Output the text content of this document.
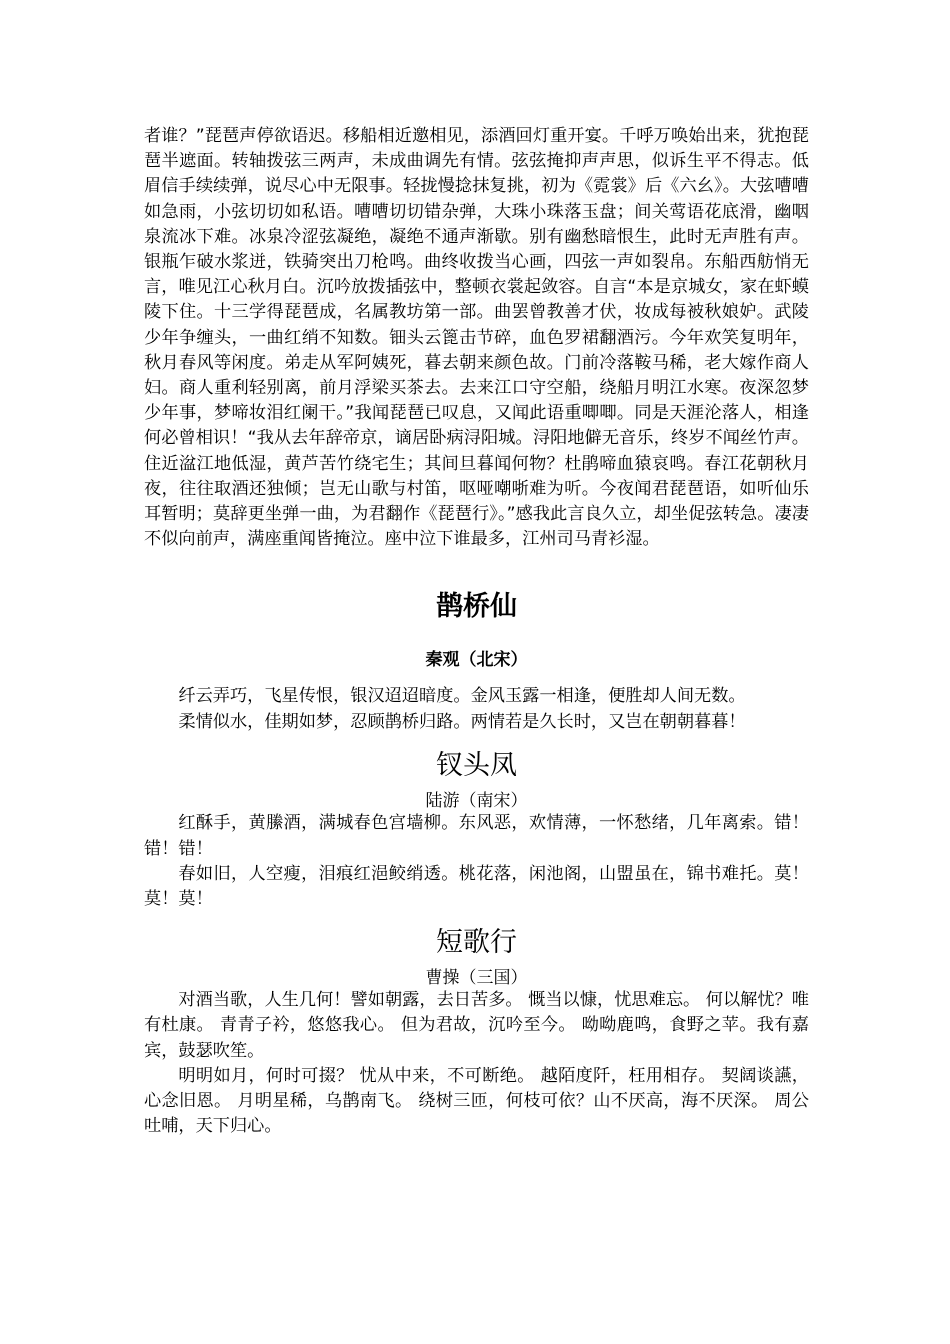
者谁？”琵琶声停欲语迟。移船相近邀相见，添酒回灯重开宴。千呼万唤始出来，犹抱琵琶半遮面。转轴拨弦三两声，未成曲调先有情。弦弦掩抑声声思，似诉生平不得志。低眉信手续续弹，说尽心中无限事。轻拢慢捻抹复挑，初为《霓裳》后《六幺》。大弦嘈嘈如急雨，小弦切切如私语。嘈嘈切切错杂弹，大珠小珠落玉盘；间关莺语花底滑，幽咽泉流冰下难。冰泉冷涩弦凝绝，凝绝不通声渐歇。别有幽愁暗恨生，此时无声胜有声。银瓶乍破水浆迸，铁骑突出刀枪鸣。曲终收拨当心画，四弦一声如裂帛。东船西舫悄无言，唯见江心秋月白。沉吟放拨插弦中，整顿衣裳起敛容。自言“本是京城女，家在虾蟆陵下住。十三学得琵琶成，名属教坊第一部。曲罢曾教善才伏，妆成每被秋娘妒。武陵少年争缠头，一曲红绡不知数。钿头云篦击节碎，血色罗裙翻酒污。今年欢笑复明年，秋月春风等闲度。弟走从军阿姨死，暮去朝来颜色故。门前冷落鞍马稀，老大嫁作商人妇。商人重利轻别离，前月浮梁买茶去。去来江口守空船，绕船月明江水寒。夜深忽梦少年事，梦啼妆泪红阑干。”我闻琵琶已叹息，又闻此语重唧唧。同是天涯沦落人，相逢何必曾相识！“我从去年辞帝京，谪居卧病浔阳城。浔阳地僻无音乐，终岁不闻丝竹声。住近湓江地低湿，黄芦苦竹绕宅生；其间旦暮闻何物？杜鹃啼血猿哀鸣。春江花朝秋月夜，往往取酒还独倾；岂无山歌与村笛，呕哑嘲哳难为听。今夜闻君琵琶语，如听仙乐耳暂明；莫辞更坐弹一曲，为君翻作《琵琶行》。”感我此言良久立，却坐促弦转急。凄凄不似向前声，满座重闻皆掩泣。座中泣下谁最多，江州司马青衫湿。

鹊桥仙

秦观（北宋）

纤云弄巧，飞星传恨，银汉迢迢暗度。金风玉露一相逢，便胜却人间无数。

柔情似水，佳期如梦，忍顾鹊桥归路。两情若是久长时，又岂在朝朝暮暮！

钗头凤

陆游（南宋）

红酥手，黄縢酒，满城春色宫墙柳。东风恶，欢情薄，一怀愁绪，几年离索。错！错！错！

春如旧，人空瘦，泪痕红浥鲛绡透。桃花落，闲池阁，山盟虽在，锦书难托。莫！莫！莫！

短歌行

曹操（三国）

对酒当歌，人生几何！譬如朝露，去日苦多。 慨当以慷，忧思难忘。 何以解忧？唯有杜康。 青青子衿，悠悠我心。 但为君故，沉吟至今。 呦呦鹿鸣，食野之苹。我有嘉宾，鼓瑟吹笙。

明明如月，何时可掇？ 忧从中来，不可断绝。 越陌度阡，枉用相存。 契阔谈讌，心念旧恩。 月明星稀，乌鹊南飞。 绕树三匝，何枝可依？山不厌高，海不厌深。 周公吐哺，天下归心。
